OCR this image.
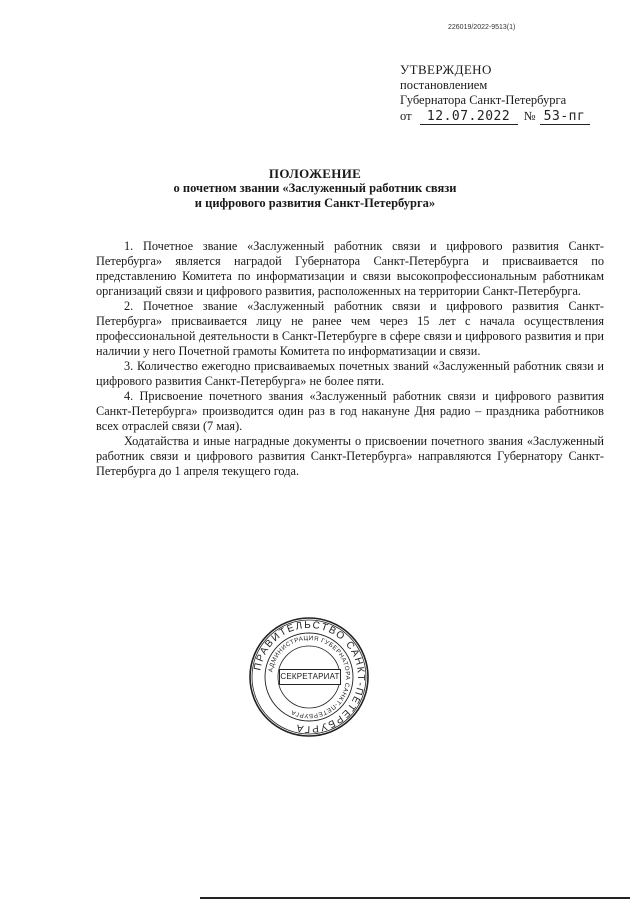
226019/2022-9513(1)
УТВЕРЖДЕНО
постановлением
Губернатора Санкт-Петербурга
от	12.07.2022	№ 53-пг
ПОЛОЖЕНИЕ
о почетном звании «Заслуженный работник связи
и цифрового развития Санкт-Петербурга»

1. Почетное звание «Заслуженный работник связи и цифрового развития Санкт-Петербурга» является наградой Губернатора Санкт-Петербурга и присваивается по представлению Комитета по информатизации и связи высокопрофессиональным работникам организаций связи и цифрового развития, расположенных на территории Санкт-Петербурга.

2. Почетное звание «Заслуженный работник связи и цифрового развития Санкт-Петербурга» присваивается лицу не ранее чем через 15 лет с начала осуществления профессиональной деятельности в Санкт-Петербурге в сфере связи и цифрового развития и при наличии у него Почетной грамоты Комитета по информатизации и связи.

3. Количество ежегодно присваиваемых почетных званий «Заслуженный работник связи и цифрового развития Санкт-Петербурга» не более пяти.

4. Присвоение почетного звания «Заслуженный работник связи и цифрового развития Санкт-Петербурга» производится один раз в год накануне Дня радио – праздника работников всех отраслей связи (7 мая).

Ходатайства и иные наградные документы о присвоении почетного звания «Заслуженный работник связи и цифрового развития Санкт-Петербурга» направляются Губернатору Санкт-Петербурга до 1 апреля текущего года.

ПРАВИТЕЛЬСТВО САНКТ-ПЕТЕРБУРГА
АДМИНИСТРАЦИЯ ГУБЕРНАТОРА САНКТ-ПЕТЕРБУРГА
СЕКРЕТАРИАТ
